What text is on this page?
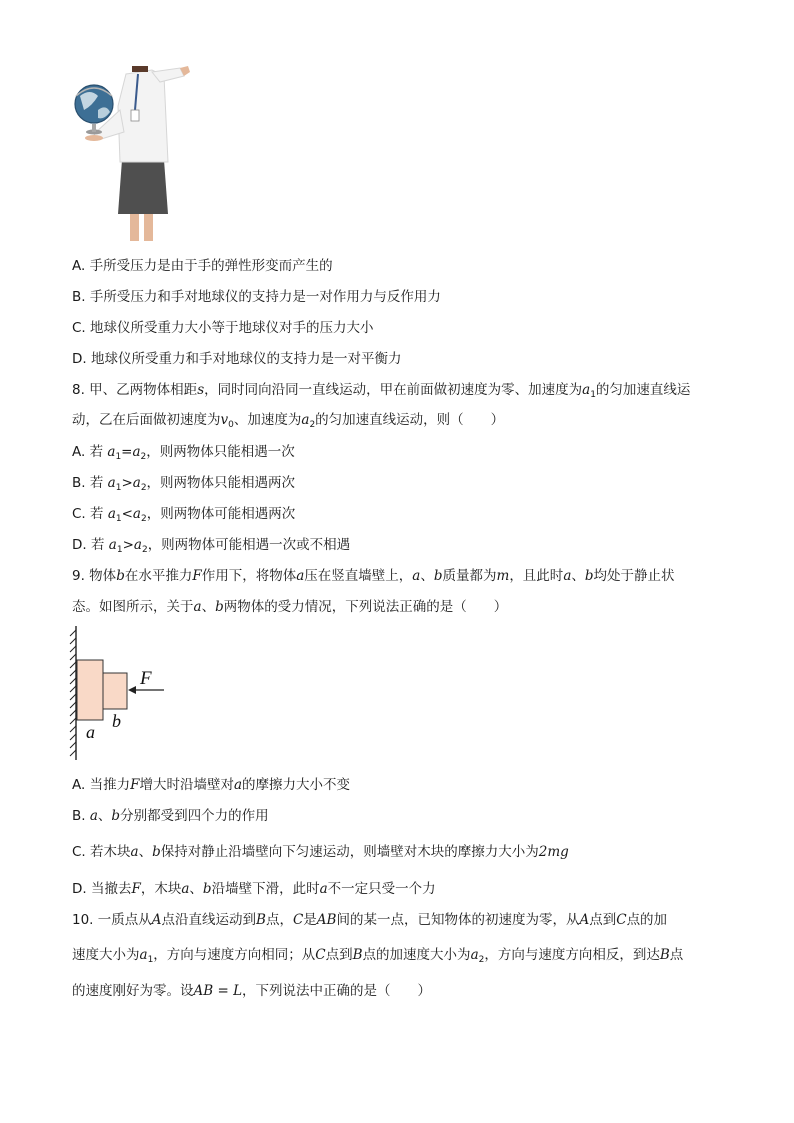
A. 手所受压力是由于手的弹性形变而产生的
B. 手所受压力和手对地球仪的支持力是一对作用力与反作用力
C. 地球仪所受重力大小等于地球仪对手的压力大小
D. 地球仪所受重力和手对地球仪的支持力是一对平衡力
8. 甲、乙两物体相距s，同时同向沿同一直线运动，甲在前面做初速度为零、加速度为$a_1$的匀加速直线运
动，乙在后面做初速度为$v_0$、加速度为$a_2$的匀加速直线运动，则（　　）
A. 若 $a_1=a_2$，则两物体只能相遇一次
B. 若 $a_1>a_2$，则两物体只能相遇两次
C. 若 $a_1<a_2$，则两物体可能相遇两次
D. 若 $a_1>a_2$，则两物体可能相遇一次或不相遇
9. 物体b在水平推力F作用下，将物体a压在竖直墙壁上，a、b质量都为m，且此时a、b均处于静止状
态。如图所示，关于a、b两物体的受力情况，下列说法正确的是（　　）
F
b
a
A. 当推力F增大时沿墙壁对a的摩擦力大小不变
B. a、b分别都受到四个力的作用
C. 若木块a、b保持对静止沿墙壁向下匀速运动，则墙壁对木块的摩擦力大小为2mg
D. 当撤去F，木块a、b沿墙壁下滑，此时a不一定只受一个力
10. 一质点从A点沿直线运动到B点，C是AB间的某一点，已知物体的初速度为零，从A点到C点的加
速度大小为$a_1$，方向与速度方向相同；从C点到B点的加速度大小为$a_2$，方向与速度方向相反，到达B点
的速度刚好为零。设AB = L，下列说法中正确的是（　　）
